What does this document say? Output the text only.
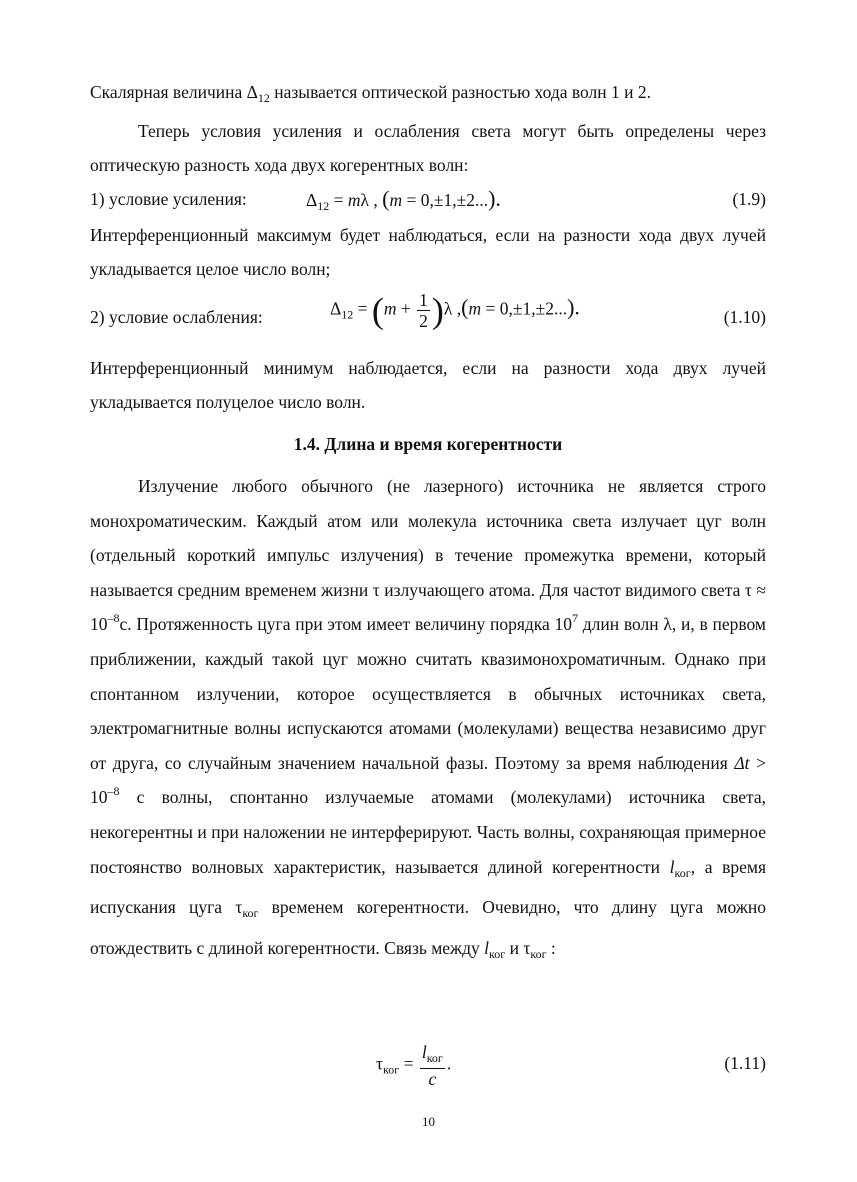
Скалярная величина $\Delta_{12}$ называется оптической разностью хода волн 1 и 2.

Теперь условия усиления и ослабления света могут быть определены через оптическую разность хода двух когерентных волн:

1) условие усиления:	$\Delta_{12} = m\lambda$ , (m = 0,±1,±2...).	(1.9)

Интерференционный максимум будет наблюдаться, если на разности хода двух лучей укладывается целое число волн;

2) условие ослабления:	$\Delta_{12} = (m + \frac{1}{2} )\lambda$ ,(m = 0,±1,±2...).	(1.10)

Интерференционный минимум наблюдается, если на разности хода двух лучей укладывается полуцелое число волн.

1.4. Длина и время когерентности

Излучение любого обычного (не лазерного) источника не является строго монохроматическим. Каждый атом или молекула источника света излучает цуг волн (отдельный короткий импульс излучения) в течение промежутка времени, который называется средним временем жизни τ излучающего атома. Для частот видимого света $\tau \approx 10^{-8}с$. Протяженность цуга при этом имеет величину порядка $10^7$ длин волн λ, и, в первом приближении, каждый такой цуг можно считать квазимонохроматичным. Однако при спонтанном излучении, которое осуществляется в обычных источниках света, электромагнитные волны испускаются атомами (молекулами) вещества независимо друг от друга, со случайным значением начальной фазы. Поэтому за время наблюдения $\Delta t > 10^{-8}$ с волны, спонтанно излучаемые атомами (молекулами) источника света, некогерентны и при наложении не интерферируют. Часть волны, сохраняющая примерное постоянство волновых характеристик, называется длиной когерентности $l_{ког}$, а время испускания цуга $\tau_{ког}$ временем когерентности. Очевидно, что длину цуга можно отождествить с длиной когерентности. Связь между $l_{ког}$ и $\tau_{ког}$ :

$\tau_{ког} = \frac{l_{ког}}{c}$ .	(1.11)
10
